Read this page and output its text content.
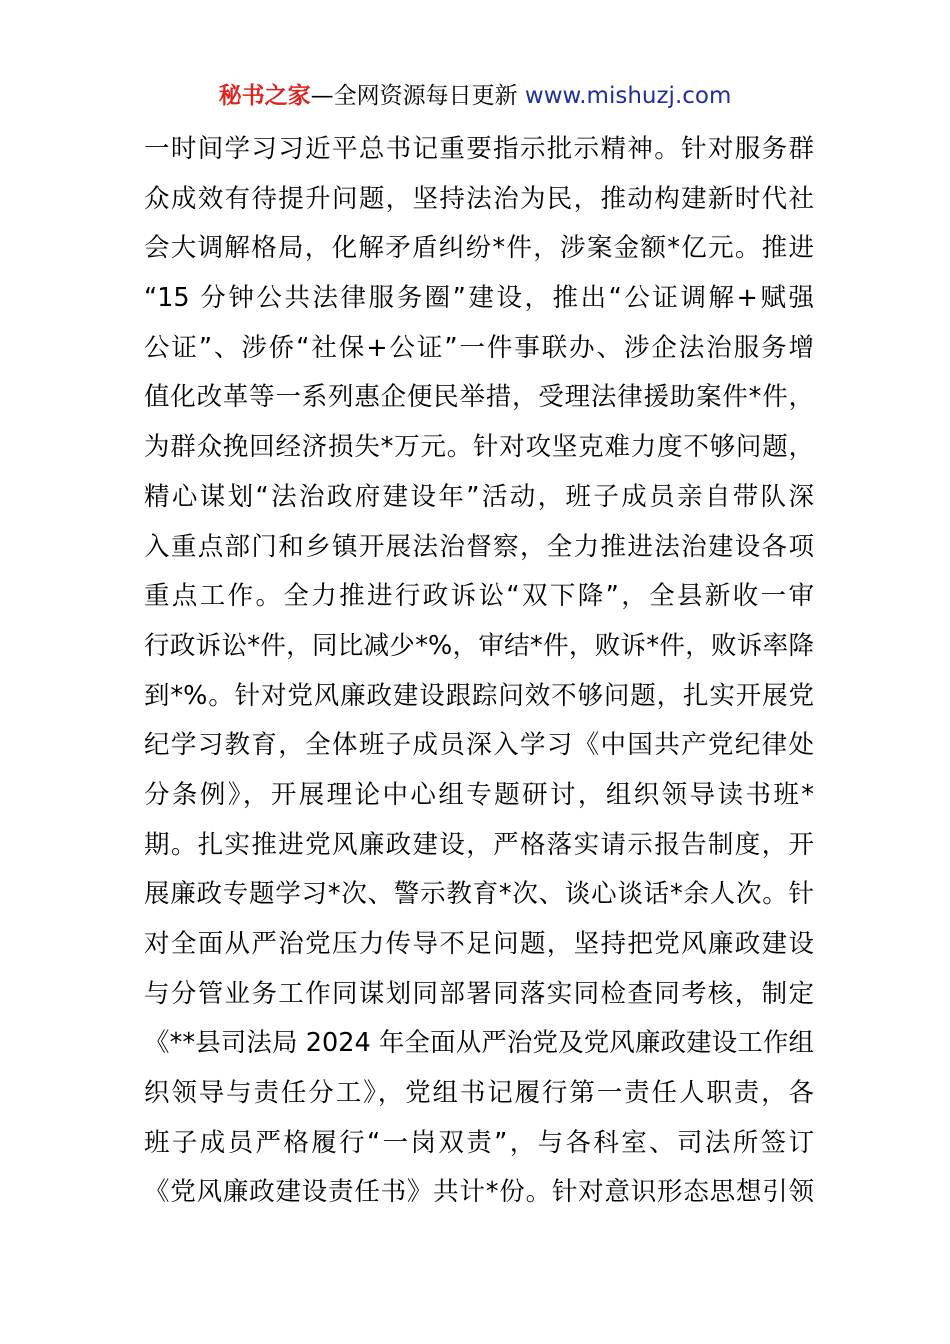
秘书之家—全网资源每日更新 www.mishuzj.com
一时间学习习近平总书记重要指示批示精神。针对服务群
众成效有待提升问题，坚持法治为民，推动构建新时代社
会大调解格局，化解矛盾纠纷*件，涉案金额*亿元。推进
“15 分钟公共法律服务圈”建设，推出“公证调解+赋强
公证”、涉侨“社保+公证”一件事联办、涉企法治服务增
值化改革等一系列惠企便民举措，受理法律援助案件*件，
为群众挽回经济损失*万元。针对攻坚克难力度不够问题，
精心谋划“法治政府建设年”活动，班子成员亲自带队深
入重点部门和乡镇开展法治督察，全力推进法治建设各项
重点工作。全力推进行政诉讼“双下降”，全县新收一审
行政诉讼*件，同比减少*%，审结*件，败诉*件，败诉率降
到*%。针对党风廉政建设跟踪问效不够问题，扎实开展党
纪学习教育，全体班子成员深入学习《中国共产党纪律处
分条例》，开展理论中心组专题研讨，组织领导读书班*
期。扎实推进党风廉政建设，严格落实请示报告制度，开
展廉政专题学习*次、警示教育*次、谈心谈话*余人次。针
对全面从严治党压力传导不足问题，坚持把党风廉政建设
与分管业务工作同谋划同部署同落实同检查同考核，制定
《**县司法局 2024 年全面从严治党及党风廉政建设工作组
织领导与责任分工》，党组书记履行第一责任人职责，各
班子成员严格履行“一岗双责”，与各科室、司法所签订
《党风廉政建设责任书》共计*份。针对意识形态思想引领
